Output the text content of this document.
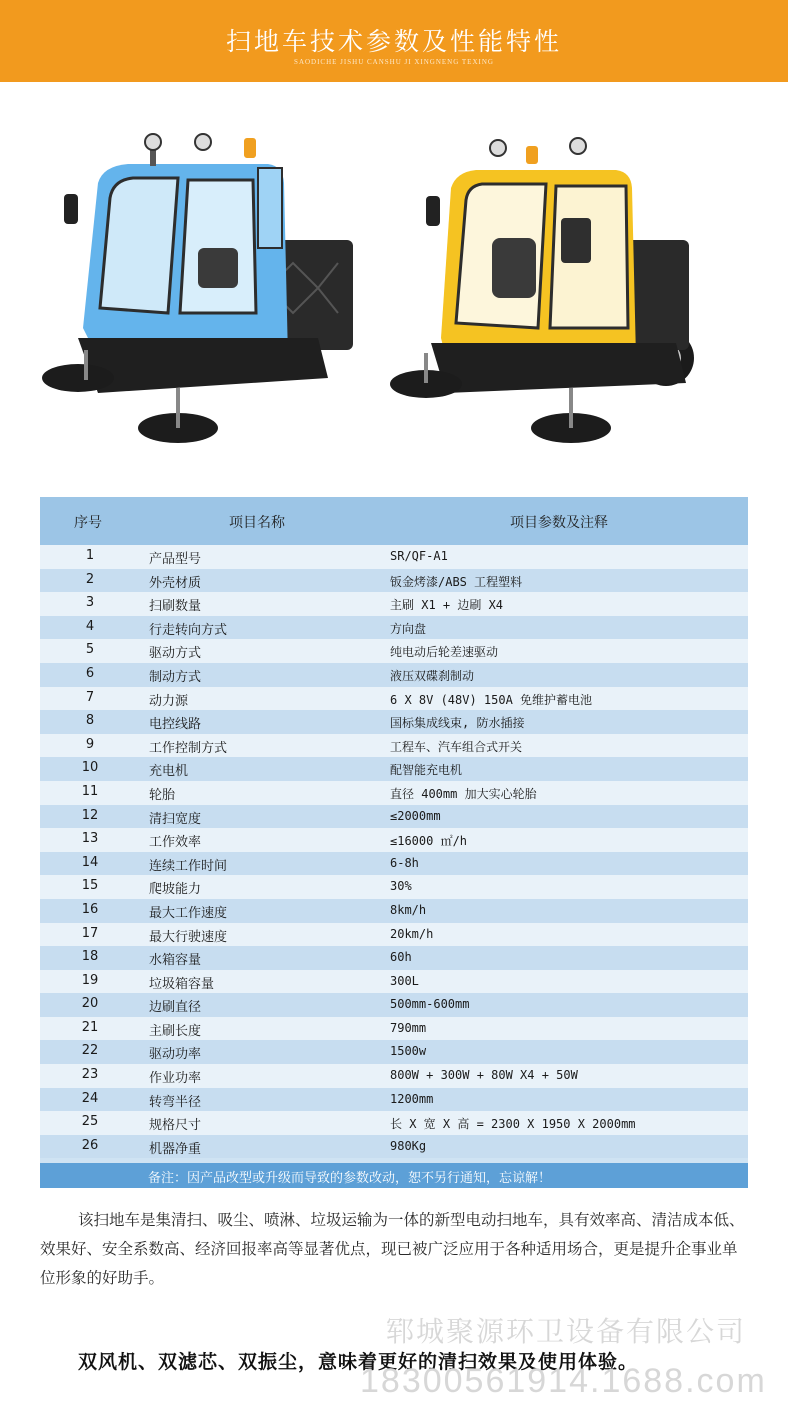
扫地车技术参数及性能特性
SAODICHE JISHU CANSHU JI XINGNENG TEXING
序号	项目名称	项目参数及注释
1	产品型号	SR/QF-A1
2	外壳材质	钣金烤漆/ABS 工程塑料
3	扫刷数量	主刷 X1 + 边刷 X4
4	行走转向方式	方向盘
5	驱动方式	纯电动后轮差速驱动
6	制动方式	液压双碟刹制动
7	动力源	6 X 8V (48V) 150A 免维护蓄电池
8	电控线路	国标集成线束, 防水插接
9	工作控制方式	工程车、汽车组合式开关
10	充电机	配智能充电机
11	轮胎	直径 400mm 加大实心轮胎
12	清扫宽度	≤2000mm
13	工作效率	≤16000 ㎡/h
14	连续工作时间	6-8h
15	爬坡能力	30%
16	最大工作速度	8km/h
17	最大行驶速度	20km/h
18	水箱容量	60h
19	垃圾箱容量	300L
20	边刷直径	500mm-600mm
21	主刷长度	790mm
22	驱动功率	1500w
23	作业功率	800W + 300W + 80W X4 + 50W
24	转弯半径	1200mm
25	规格尺寸	长 X 宽 X 高 = 2300 X 1950 X 2000mm
26	机器净重	980Kg
备注：因产品改型或升级而导致的参数改动，恕不另行通知，忘谅解！

该扫地车是集清扫、吸尘、喷淋、垃圾运输为一体的新型电动扫地车，具有效率高、清洁成本低、效果好、安全系数高、经济回报率高等显著优点，现已被广泛应用于各种适用场合，更是提升企事业单位形象的好助手。

郓城聚源环卫设备有限公司
双风机、双滤芯、双振尘，意味着更好的清扫效果及使用体验。
18300561914.1688.com
